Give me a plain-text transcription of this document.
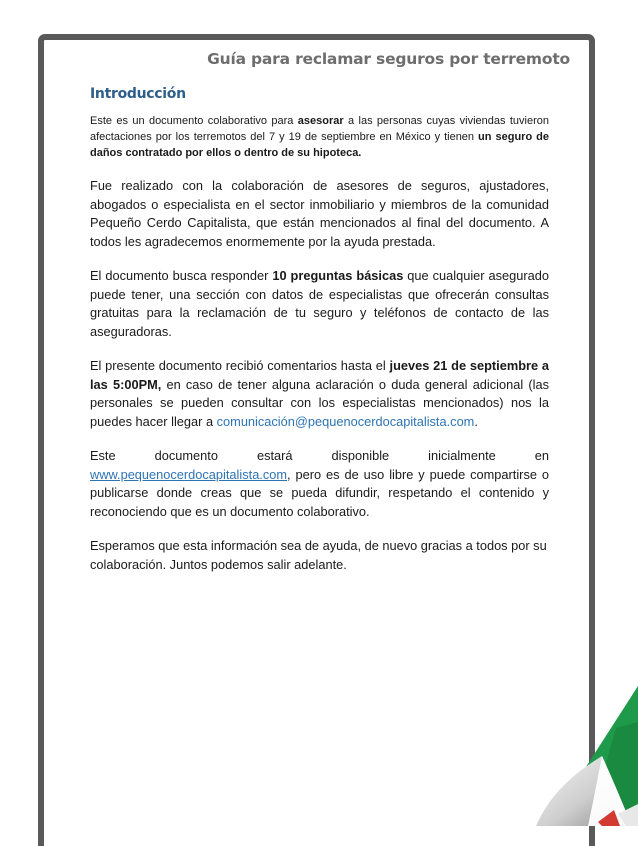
Guía para reclamar seguros por terremoto
Introducción

Este es un documento colaborativo para asesorar a las personas cuyas viviendas tuvieron afectaciones por los terremotos del 7 y 19 de septiembre en México y tienen un seguro de daños contratado por ellos o dentro de su hipoteca.

Fue realizado con la colaboración de asesores de seguros, ajustadores, abogados o especialista en el sector inmobiliario y miembros de la comunidad Pequeño Cerdo Capitalista, que están mencionados al final del documento. A todos les agradecemos enormemente por la ayuda prestada.

El documento busca responder 10 preguntas básicas que cualquier asegurado puede tener, una sección con datos de especialistas que ofrecerán consultas gratuitas para la reclamación de tu seguro y teléfonos de contacto de las aseguradoras.

El presente documento recibió comentarios hasta el jueves 21 de septiembre a las 5:00PM, en caso de tener alguna aclaración o duda general adicional (las personales se pueden consultar con los especialistas mencionados) nos la puedes hacer llegar a comunicación@pequenocerdocapitalista.com.

Este documento estará disponible inicialmente en www.pequenocerdocapitalista.com, pero es de uso libre y puede compartirse o publicarse donde creas que se pueda difundir, respetando el contenido y reconociendo que es un documento colaborativo.

Esperamos que esta información sea de ayuda, de nuevo gracias a todos por su colaboración. Juntos podemos salir adelante.
